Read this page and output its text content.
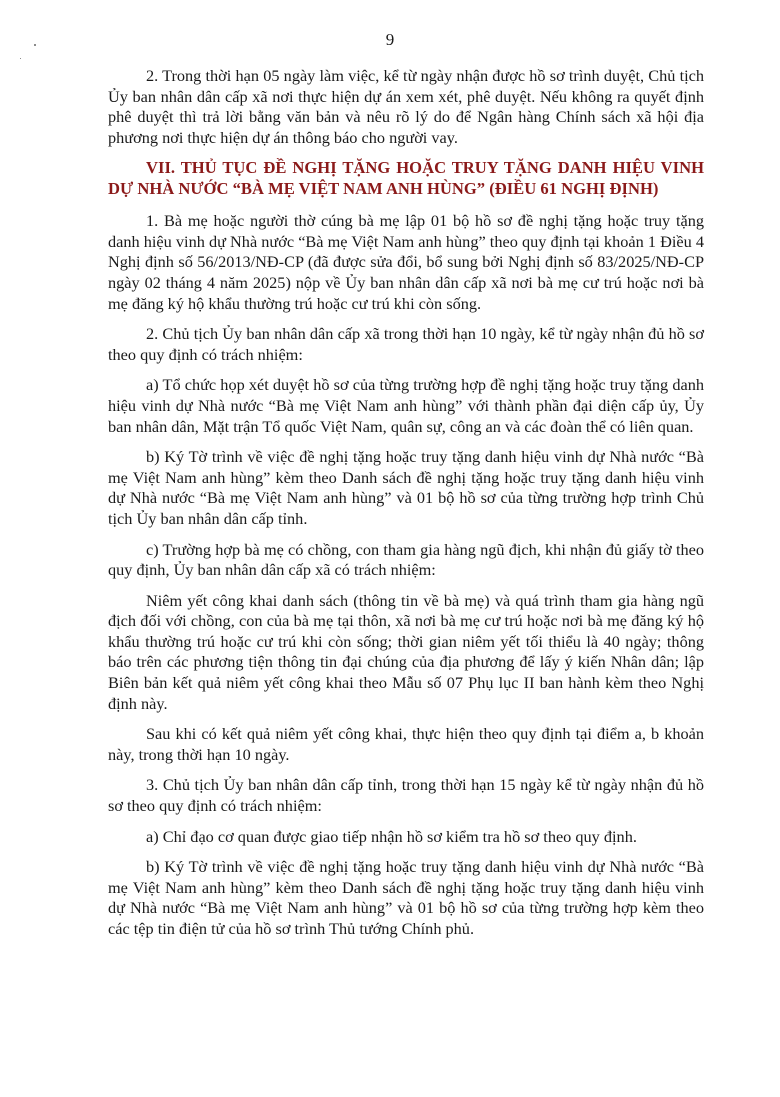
9

2. Trong thời hạn 05 ngày làm việc, kể từ ngày nhận được hồ sơ trình duyệt, Chủ tịch Ủy ban nhân dân cấp xã nơi thực hiện dự án xem xét, phê duyệt. Nếu không ra quyết định phê duyệt thì trả lời bằng văn bản và nêu rõ lý do để Ngân hàng Chính sách xã hội địa phương nơi thực hiện dự án thông báo cho người vay.

VII. THỦ TỤC ĐỀ NGHỊ TẶNG HOẶC TRUY TẶNG DANH HIỆU VINH DỰ NHÀ NƯỚC “BÀ MẸ VIỆT NAM ANH HÙNG” (ĐIỀU 61 NGHỊ ĐỊNH)

1. Bà mẹ hoặc người thờ cúng bà mẹ lập 01 bộ hồ sơ đề nghị tặng hoặc truy tặng danh hiệu vinh dự Nhà nước “Bà mẹ Việt Nam anh hùng” theo quy định tại khoản 1 Điều 4 Nghị định số 56/2013/NĐ-CP (đã được sửa đổi, bổ sung bởi Nghị định số 83/2025/NĐ-CP ngày 02 tháng 4 năm 2025) nộp về Ủy ban nhân dân cấp xã nơi bà mẹ cư trú hoặc nơi bà mẹ đăng ký hộ khẩu thường trú hoặc cư trú khi còn sống.

2. Chủ tịch Ủy ban nhân dân cấp xã trong thời hạn 10 ngày, kể từ ngày nhận đủ hồ sơ theo quy định có trách nhiệm:

a) Tổ chức họp xét duyệt hồ sơ của từng trường hợp đề nghị tặng hoặc truy tặng danh hiệu vinh dự Nhà nước “Bà mẹ Việt Nam anh hùng” với thành phần đại diện cấp ủy, Ủy ban nhân dân, Mặt trận Tổ quốc Việt Nam, quân sự, công an và các đoàn thể có liên quan.

b) Ký Tờ trình về việc đề nghị tặng hoặc truy tặng danh hiệu vinh dự Nhà nước “Bà mẹ Việt Nam anh hùng” kèm theo Danh sách đề nghị tặng hoặc truy tặng danh hiệu vinh dự Nhà nước “Bà mẹ Việt Nam anh hùng” và 01 bộ hồ sơ của từng trường hợp trình Chủ tịch Ủy ban nhân dân cấp tỉnh.

c) Trường hợp bà mẹ có chồng, con tham gia hàng ngũ địch, khi nhận đủ giấy tờ theo quy định, Ủy ban nhân dân cấp xã có trách nhiệm:

Niêm yết công khai danh sách (thông tin về bà mẹ) và quá trình tham gia hàng ngũ địch đối với chồng, con của bà mẹ tại thôn, xã nơi bà mẹ cư trú hoặc nơi bà mẹ đăng ký hộ khẩu thường trú hoặc cư trú khi còn sống; thời gian niêm yết tối thiểu là 40 ngày; thông báo trên các phương tiện thông tin đại chúng của địa phương để lấy ý kiến Nhân dân; lập Biên bản kết quả niêm yết công khai theo Mẫu số 07 Phụ lục II ban hành kèm theo Nghị định này.

Sau khi có kết quả niêm yết công khai, thực hiện theo quy định tại điểm a, b khoản này, trong thời hạn 10 ngày.

3. Chủ tịch Ủy ban nhân dân cấp tỉnh, trong thời hạn 15 ngày kể từ ngày nhận đủ hồ sơ theo quy định có trách nhiệm:

a) Chỉ đạo cơ quan được giao tiếp nhận hồ sơ kiểm tra hồ sơ theo quy định.

b) Ký Tờ trình về việc đề nghị tặng hoặc truy tặng danh hiệu vinh dự Nhà nước “Bà mẹ Việt Nam anh hùng” kèm theo Danh sách đề nghị tặng hoặc truy tặng danh hiệu vinh dự Nhà nước “Bà mẹ Việt Nam anh hùng” và 01 bộ hồ sơ của từng trường hợp kèm theo các tệp tin điện tử của hồ sơ trình Thủ tướng Chính phủ.
